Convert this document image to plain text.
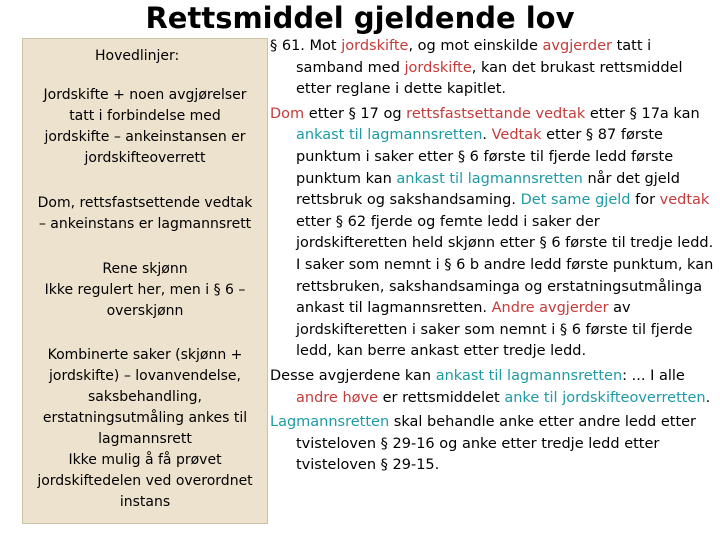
Rettsmiddel gjeldende lov
Hovedlinjer:
Jordskifte + noen avgjørelser
tatt i forbindelse med
jordskifte – ankeinstansen er
jordskifteoverrett
Dom, rettsfastsettende vedtak
– ankeinstans er lagmannsrett
Rene skjønn
Ikke regulert her, men i § 6 –
overskjønn
Kombinerte saker (skjønn +
jordskifte) – lovanvendelse,
saksbehandling,
erstatningsutmåling ankes til
lagmannsrett
Ikke mulig å få prøvet
jordskiftedelen ved overordnet
instans

§ 61. Mot jordskifte, og mot einskilde avgjerder tatt i samband med jordskifte, kan det brukast rettsmiddel etter reglane i dette kapitlet.

Dom etter § 17 og rettsfastsettande vedtak etter § 17a kan ankast til lagmannsretten. Vedtak etter § 87 første punktum i saker etter § 6 første til fjerde ledd første punktum kan ankast til lagmannsretten når det gjeld rettsbruk og sakshandsaming. Det same gjeld for vedtak etter § 62 fjerde og femte ledd i saker der jordskifteretten held skjønn etter § 6 første til tredje ledd. I saker som nemnt i § 6 b andre ledd første punktum, kan rettsbruken, sakshandsaminga og erstatningsutmålinga ankast til lagmannsretten. Andre avgjerder av jordskifteretten i saker som nemnt i § 6 første til fjerde ledd, kan berre ankast etter tredje ledd.

Desse avgjerdene kan ankast til lagmannsretten: ... I alle andre høve er rettsmiddelet anke til jordskifteoverretten.

Lagmannsretten skal behandle anke etter andre ledd etter tvisteloven § 29-16 og anke etter tredje ledd etter tvisteloven § 29-15.
